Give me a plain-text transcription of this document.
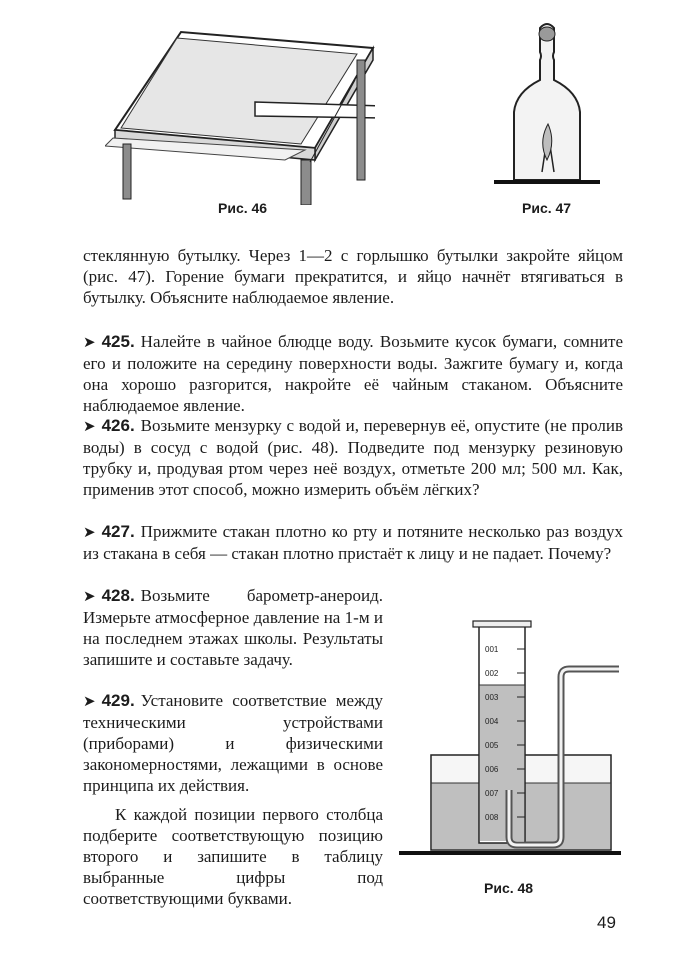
Рис. 46	Рис. 47

стеклянную бутылку. Через 1—2 с горлышко бутылки закройте яйцом (рис. 47). Горение бумаги прекратится, и яйцо начнёт втягиваться в бутылку. Объясните наблюдаемое явление.

➤ 425. Налейте в чайное блюдце воду. Возьмите кусок бумаги, сомните его и положите на середину поверхности воды. Зажгите бумагу и, когда она хорошо разгорится, накройте её чайным стаканом. Объясните наблюдаемое явление.

➤ 426. Возьмите мензурку с водой и, перевернув её, опустите (не пролив воды) в сосуд с водой (рис. 48). Подведите под мензурку резиновую трубку и, продувая ртом через неё воздух, отметьте 200 мл; 500 мл. Как, применив этот способ, можно измерить объём лёгких?

➤ 427. Прижмите стакан плотно ко рту и потяните несколько раз воздух из стакана в себя — стакан плотно пристаёт к лицу и не падает. Почему?

➤ 428. Возьмите барометр-анероид. Измерьте атмосферное давление на 1-м и на последнем этажах школы. Результаты запишите и составьте задачу.

➤ 429. Установите соответствие между техническими устройствами (приборами) и физическими закономерностями, лежащими в основе принципа их действия.

К каждой позиции первого столбца подберите соответствующую позицию второго и запишите в таблицу выбранные цифры под соответствующими буквами.

001
002
003
004
005
006
007
008
Рис. 48
49
